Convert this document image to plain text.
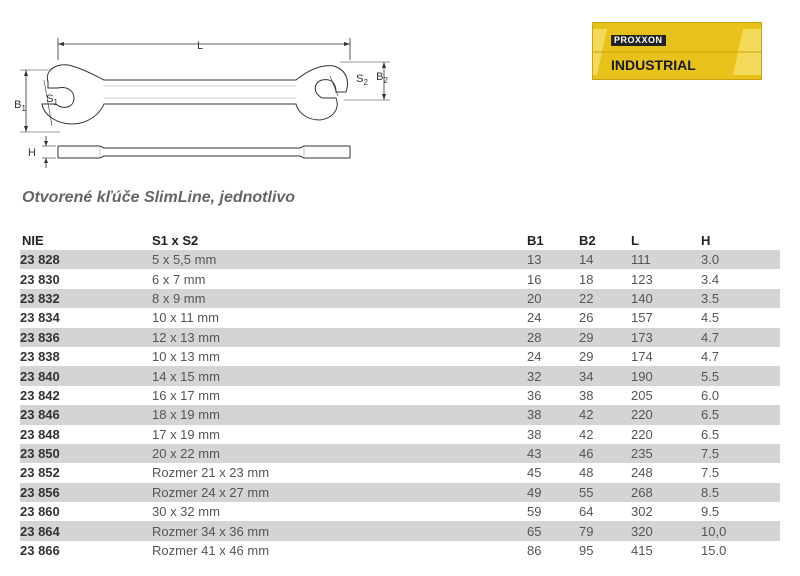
L
$B_1$
$S_1$
$S_2$ $B_2$
H
PROXXON
INDUSTRIAL
Otvorené kľúče SlimLine, jednotlivo
NIE	S1 x S2	B1	B2	L	H
23 828	5 x 5,5 mm	13	14	111	3.0
23 830	6 x 7 mm	16	18	123	3.4
23 832	8 x 9 mm	20	22	140	3.5
23 834	10 x 11 mm	24	26	157	4.5
23 836	12 x 13 mm	28	29	173	4.7
23 838	10 x 13 mm	24	29	174	4.7
23 840	14 x 15 mm	32	34	190	5.5
23 842	16 x 17 mm	36	38	205	6.0
23 846	18 x 19 mm	38	42	220	6.5
23 848	17 x 19 mm	38	42	220	6.5
23 850	20 x 22 mm	43	46	235	7.5
23 852	Rozmer 21 x 23 mm	45	48	248	7.5
23 856	Rozmer 24 x 27 mm	49	55	268	8.5
23 860	30 x 32 mm	59	64	302	9.5
23 864	Rozmer 34 x 36 mm	65	79	320	10,0
23 866	Rozmer 41 x 46 mm	86	95	415	15.0
